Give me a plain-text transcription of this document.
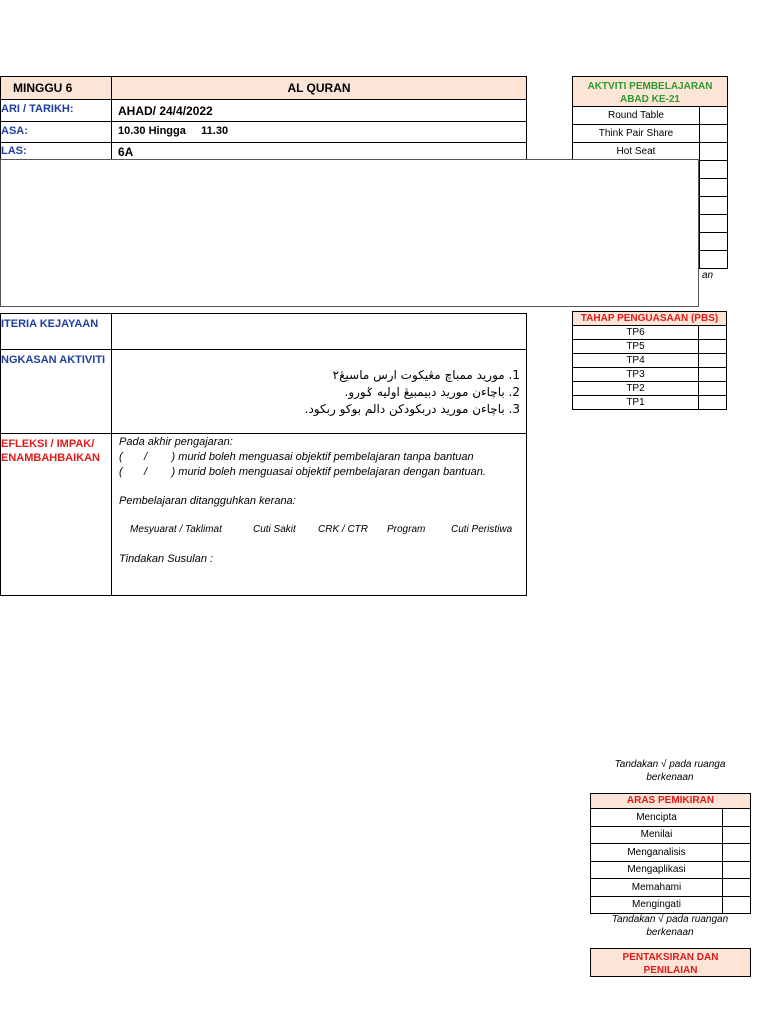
MINGGU 6	AL QURAN
ARI / TARIKH:	AHAD/ 24/4/2022
ASA:	10.30 Hingga     11.30
LAS:	6A
ITERIA KEJAYAAN
NGKASAN AKTIVITI
1. موريد ممباچ مڠيکوت ارس ماسيڠ٢
2. باچاءن موريد دبيمبيڠ اوليه ݢورو.
3. باچاءن موريد دربکودکن دالم بوکو ربکود.
EFLEKSI / IMPAK/
ENAMBAHBAIKAN
Pada akhir pengajaran:
(       /        ) murid boleh menguasai objektif pembelajaran tanpa bantuan
(       /        ) murid boleh menguasai objektif pembelajaran dengan bantuan.
Pembelajaran ditangguhkan kerana:
Mesyuarat / Taklimat	Cuti Sakit CRK / CTR Program	Cuti Peristiwa
Tindakan Susulan :
AKTVITI PEMBELAJARAN ABAD KE-21
Round Table
Think Pair Share
Hot Seat
an
TAHAP PENGUASAAN (PBS)
TP6
TP5
TP4
TP3
TP2
TP1
Tandakan √ pada ruanga berkenaan
ARAS PEMIKIRAN
Mencipta
Menilai
Menganalisis
Mengaplikasi
Memahami
Mengingati
Tandakan √ pada ruangan berkenaan
PENTAKSIRAN DAN PENILAIAN
